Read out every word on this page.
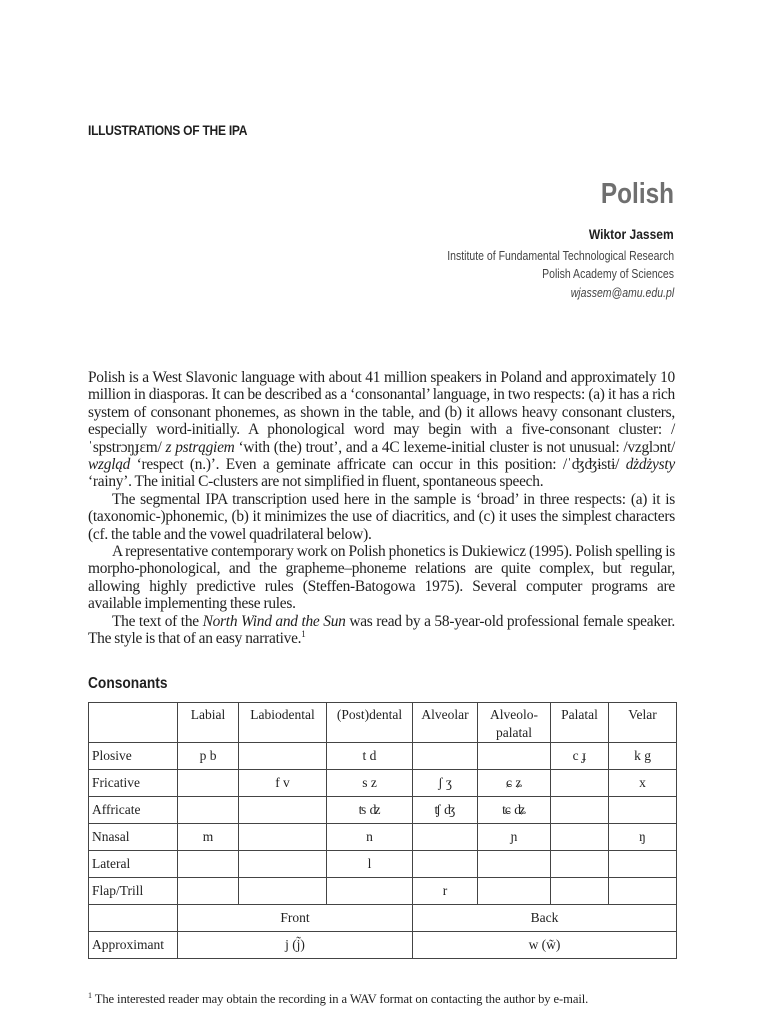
ILLUSTRATIONS OF THE IPA
Polish
Wiktor Jassem
Institute of Fundamental Technological Research
Polish Academy of Sciences
wjassem@amu.edu.pl

Polish is a West Slavonic language with about 41 million speakers in Poland and approximately 10 million in diasporas. It can be described as a ‘consonantal’ language, in two respects: (a) it has a rich system of consonant phonemes, as shown in the table, and (b) it allows heavy consonant clusters, especially word-initially. A phonological word may begin with a five-consonant cluster: /ˈspstrɔŋɟɛm/ z pstrągiem ‘with (the) trout’, and a 4C lexeme-initial cluster is not unusual: /vzglɔnt/ wzgląd ‘respect (n.)’. Even a geminate affricate can occur in this position: /ˈʤʤɨstɨ/ dżdżysty ‘rainy’. The initial C-clusters are not simplified in fluent, spontaneous speech.

The segmental IPA transcription used here in the sample is ‘broad’ in three respects: (a) it is (taxonomic-)phonemic, (b) it minimizes the use of diacritics, and (c) it uses the simplest characters (cf. the table and the vowel quadrilateral below).

A representative contemporary work on Polish phonetics is Dukiewicz (1995). Polish spelling is morpho-phonological, and the grapheme–phoneme relations are quite complex, but regular, allowing highly predictive rules (Steffen-Batogowa 1975). Several computer programs are available implementing these rules.

The text of the North Wind and the Sun was read by a 58-year-old professional female speaker. The style is that of an easy narrative.$^1$

Consonants
	Labial	Labiodental	(Post)dental	Alveolar	Alveolo-palatal	Palatal	Velar
Plosive	p b		t d			c ɟ	k g
Fricative		f v	s z	ʃ ʒ	ɕ ʑ		x
Affricate			ʦ ʣ	ʧ ʤ	ʨ ʥ		
Nnasal	m		n		ɲ		ŋ
Lateral			l				
Flap/Trill				r			
	Front			Back			
Approximant	j (j̃)			w (w̃)			
$^1$ The interested reader may obtain the recording in a WAV format on contacting the author by e-mail.
